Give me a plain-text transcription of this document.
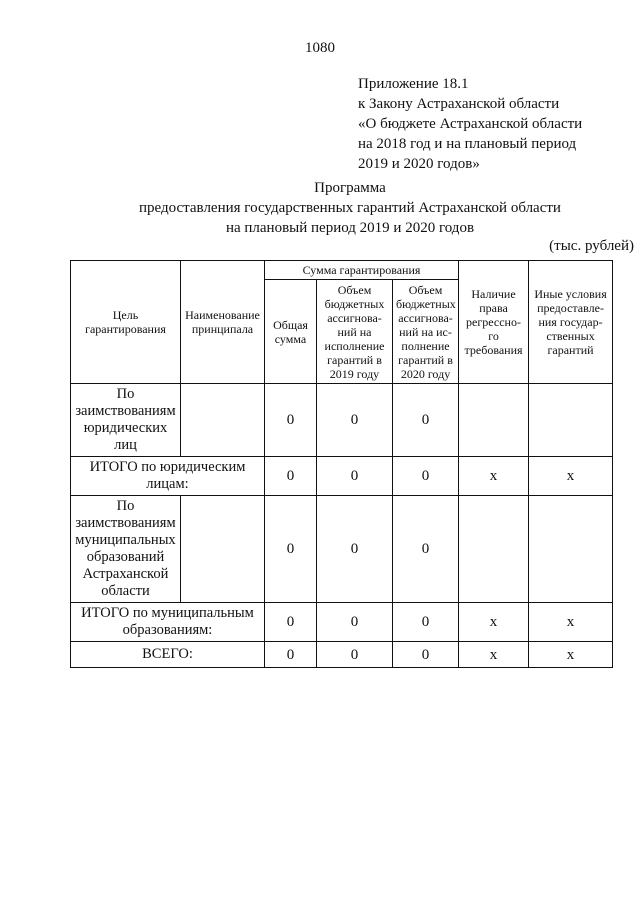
1080
Приложение 18.1
к Закону Астраханской области
«О бюджете Астраханской области
на 2018 год и на плановый период
2019 и 2020 годов»
Программа
предоставления государственных гарантий Астраханской области
на плановый период 2019 и 2020 годов
(тыс. рублей)
Цель гарантирования	Наименование принципала	Сумма гарантирования			Наличие права регрессно-го требования	Иные условия предоставле-ния государ-ственных гарантий
		Общая сумма	Объем бюджетных ассигнова-ний на исполнение гарантий в 2019 году	Объем бюджетных ассигнова-ний на ис-полнение гарантий в 2020 году		
По заимствованиям юридических лиц		0	0	0		
ИТОГО по юридическим лицам:		0	0	0	x	x
По заимствованиям муниципальных образований Астраханской области		0	0	0		
ИТОГО по муниципальным образованиям:		0	0	0	x	x
ВСЕГО:		0	0	0	x	x
